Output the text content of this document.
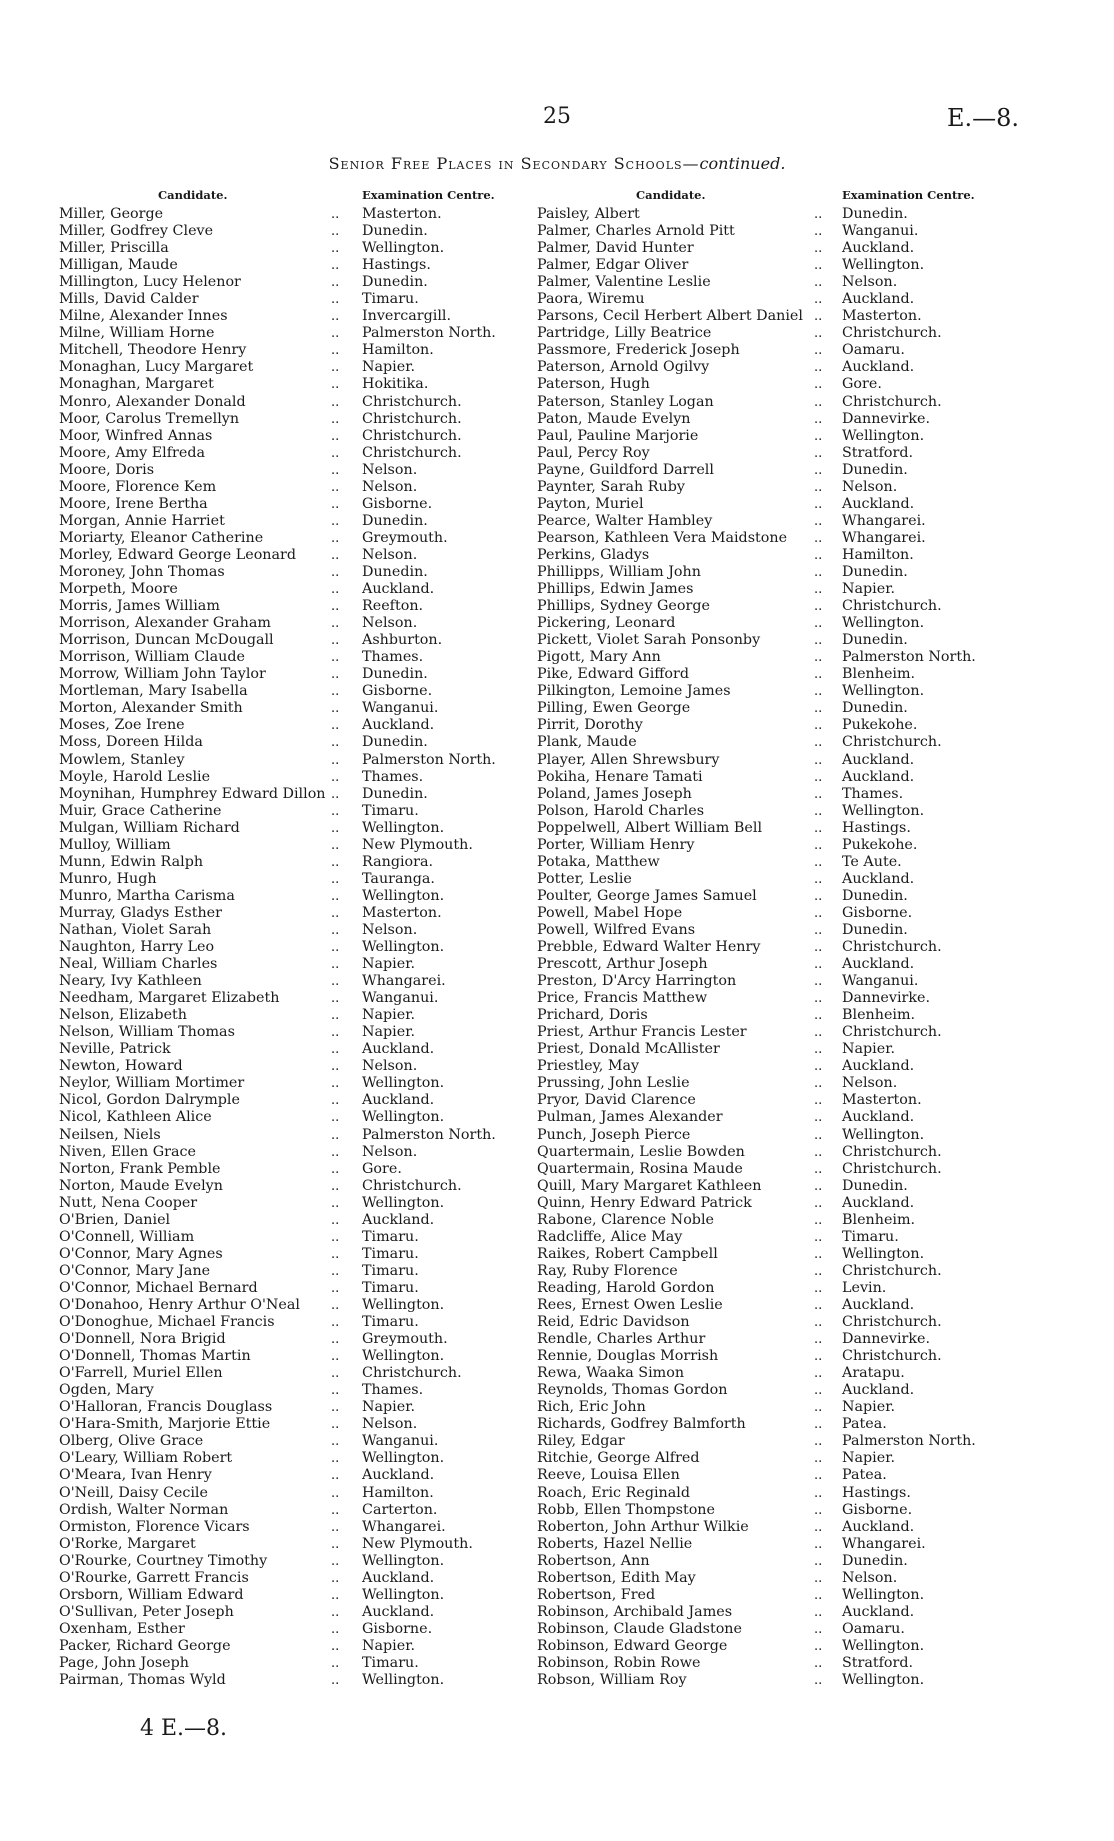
25	E.—8.
Senior Free Places in Secondary Schools—continued.
Candidate.	Examination Centre.	Candidate.	Examination Centre.
Miller, George	.. Masterton.
Miller, Godfrey Cleve	.. Dunedin.
Miller, Priscilla	.. Wellington.
Milligan, Maude	.. Hastings.
Millington, Lucy Helenor	.. Dunedin.
Mills, David Calder	.. Timaru.
Milne, Alexander Innes	.. Invercargill.
Milne, William Horne	.. Palmerston North.
Mitchell, Theodore Henry	.. Hamilton.
Monaghan, Lucy Margaret	.. Napier.
Monaghan, Margaret	.. Hokitika.
Monro, Alexander Donald	.. Christchurch.
Moor, Carolus Tremellyn	.. Christchurch.
Moor, Winfred Annas	.. Christchurch.
Moore, Amy Elfreda	.. Christchurch.
Moore, Doris	.. Nelson.
Moore, Florence Kem	.. Nelson.
Moore, Irene Bertha	.. Gisborne.
Morgan, Annie Harriet	.. Dunedin.
Moriarty, Eleanor Catherine	.. Greymouth.
Morley, Edward George Leonard	.. Nelson.
Moroney, John Thomas	.. Dunedin.
Morpeth, Moore	.. Auckland.
Morris, James William	.. Reefton.
Morrison, Alexander Graham	.. Nelson.
Morrison, Duncan McDougall	.. Ashburton.
Morrison, William Claude	.. Thames.
Morrow, William John Taylor	.. Dunedin.
Mortleman, Mary Isabella	.. Gisborne.
Morton, Alexander Smith	.. Wanganui.
Moses, Zoe Irene	.. Auckland.
Moss, Doreen Hilda	.. Dunedin.
Mowlem, Stanley	.. Palmerston North.
Moyle, Harold Leslie	.. Thames.
Moynihan, Humphrey Edward Dillon .. Dunedin.
Muir, Grace Catherine	.. Timaru.
Mulgan, William Richard	.. Wellington.
Mulloy, William	.. New Plymouth.
Munn, Edwin Ralph	.. Rangiora.
Munro, Hugh	.. Tauranga.
Munro, Martha Carisma	.. Wellington.
Murray, Gladys Esther	.. Masterton.
Nathan, Violet Sarah	.. Nelson.
Naughton, Harry Leo	.. Wellington.
Neal, William Charles	.. Napier.
Neary, Ivy Kathleen	.. Whangarei.
Needham, Margaret Elizabeth	.. Wanganui.
Nelson, Elizabeth	.. Napier.
Nelson, William Thomas	.. Napier.
Neville, Patrick	.. Auckland.
Newton, Howard	.. Nelson.
Neylor, William Mortimer	.. Wellington.
Nicol, Gordon Dalrymple	.. Auckland.
Nicol, Kathleen Alice	.. Wellington.
Neilsen, Niels	.. Palmerston North.
Niven, Ellen Grace	.. Nelson.
Norton, Frank Pemble	.. Gore.
Norton, Maude Evelyn	.. Christchurch.
Nutt, Nena Cooper	.. Wellington.
O'Brien, Daniel	.. Auckland.
O'Connell, William	.. Timaru.
O'Connor, Mary Agnes	.. Timaru.
O'Connor, Mary Jane	.. Timaru.
O'Connor, Michael Bernard	.. Timaru.
O'Donahoo, Henry Arthur O'Neal .. Wellington.
O'Donoghue, Michael Francis	.. Timaru.
O'Donnell, Nora Brigid	.. Greymouth.
O'Donnell, Thomas Martin	.. Wellington.
O'Farrell, Muriel Ellen	.. Christchurch.
Ogden, Mary	.. Thames.
O'Halloran, Francis Douglass	.. Napier.
O'Hara-Smith, Marjorie Ettie	.. Nelson.
Olberg, Olive Grace	.. Wanganui.
O'Leary, William Robert	.. Wellington.
O'Meara, Ivan Henry	.. Auckland.
O'Neill, Daisy Cecile	.. Hamilton.
Ordish, Walter Norman	.. Carterton.
Ormiston, Florence Vicars	.. Whangarei.
O'Rorke, Margaret	.. New Plymouth.
O'Rourke, Courtney Timothy	.. Wellington.
O'Rourke, Garrett Francis	.. Auckland.
Orsborn, William Edward	.. Wellington.
O'Sullivan, Peter Joseph	.. Auckland.
Oxenham, Esther	.. Gisborne.
Packer, Richard George	.. Napier.
Page, John Joseph	.. Timaru.
Pairman, Thomas Wyld	.. Wellington.
Paisley, Albert	.. Dunedin.
Palmer, Charles Arnold Pitt	.. Wanganui.
Palmer, David Hunter	.. Auckland.
Palmer, Edgar Oliver	.. Wellington.
Palmer, Valentine Leslie	.. Nelson.
Paora, Wiremu	.. Auckland.
Parsons, Cecil Herbert Albert Daniel .. Masterton.
Partridge, Lilly Beatrice	.. Christchurch.
Passmore, Frederick Joseph	.. Oamaru.
Paterson, Arnold Ogilvy	.. Auckland.
Paterson, Hugh	.. Gore.
Paterson, Stanley Logan	.. Christchurch.
Paton, Maude Evelyn	.. Dannevirke.
Paul, Pauline Marjorie	.. Wellington.
Paul, Percy Roy	.. Stratford.
Payne, Guildford Darrell	.. Dunedin.
Paynter, Sarah Ruby	.. Nelson.
Payton, Muriel	.. Auckland.
Pearce, Walter Hambley	.. Whangarei.
Pearson, Kathleen Vera Maidstone .. Whangarei.
Perkins, Gladys	.. Hamilton.
Phillipps, William John	.. Dunedin.
Phillips, Edwin James	.. Napier.
Phillips, Sydney George	.. Christchurch.
Pickering, Leonard	.. Wellington.
Pickett, Violet Sarah Ponsonby	.. Dunedin.
Pigott, Mary Ann	.. Palmerston North.
Pike, Edward Gifford	.. Blenheim.
Pilkington, Lemoine James	.. Wellington.
Pilling, Ewen George	.. Dunedin.
Pirrit, Dorothy	.. Pukekohe.
Plank, Maude	.. Christchurch.
Player, Allen Shrewsbury	.. Auckland.
Pokiha, Henare Tamati	.. Auckland.
Poland, James Joseph	.. Thames.
Polson, Harold Charles	.. Wellington.
Poppelwell, Albert William Bell	.. Hastings.
Porter, William Henry	.. Pukekohe.
Potaka, Matthew	.. Te Aute.
Potter, Leslie	.. Auckland.
Poulter, George James Samuel	.. Dunedin.
Powell, Mabel Hope	.. Gisborne.
Powell, Wilfred Evans	.. Dunedin.
Prebble, Edward Walter Henry	.. Christchurch.
Prescott, Arthur Joseph	.. Auckland.
Preston, D'Arcy Harrington	.. Wanganui.
Price, Francis Matthew	.. Dannevirke.
Prichard, Doris	.. Blenheim.
Priest, Arthur Francis Lester	.. Christchurch.
Priest, Donald McAllister	.. Napier.
Priestley, May	.. Auckland.
Prussing, John Leslie	.. Nelson.
Pryor, David Clarence	.. Masterton.
Pulman, James Alexander	.. Auckland.
Punch, Joseph Pierce	.. Wellington.
Quartermain, Leslie Bowden	.. Christchurch.
Quartermain, Rosina Maude	.. Christchurch.
Quill, Mary Margaret Kathleen	.. Dunedin.
Quinn, Henry Edward Patrick	.. Auckland.
Rabone, Clarence Noble	.. Blenheim.
Radcliffe, Alice May	.. Timaru.
Raikes, Robert Campbell	.. Wellington.
Ray, Ruby Florence	.. Christchurch.
Reading, Harold Gordon	.. Levin.
Rees, Ernest Owen Leslie	.. Auckland.
Reid, Edric Davidson	.. Christchurch.
Rendle, Charles Arthur	.. Dannevirke.
Rennie, Douglas Morrish	.. Christchurch.
Rewa, Waaka Simon	.. Aratapu.
Reynolds, Thomas Gordon	.. Auckland.
Rich, Eric John	.. Napier.
Richards, Godfrey Balmforth	.. Patea.
Riley, Edgar	.. Palmerston North.
Ritchie, George Alfred	.. Napier.
Reeve, Louisa Ellen	.. Patea.
Roach, Eric Reginald	.. Hastings.
Robb, Ellen Thompstone	.. Gisborne.
Roberton, John Arthur Wilkie	.. Auckland.
Roberts, Hazel Nellie	.. Whangarei.
Robertson, Ann	.. Dunedin.
Robertson, Edith May	.. Nelson.
Robertson, Fred	.. Wellington.
Robinson, Archibald James	.. Auckland.
Robinson, Claude Gladstone	.. Oamaru.
Robinson, Edward George	.. Wellington.
Robinson, Robin Rowe	.. Stratford.
Robson, William Roy	.. Wellington.
4 E.—8.
